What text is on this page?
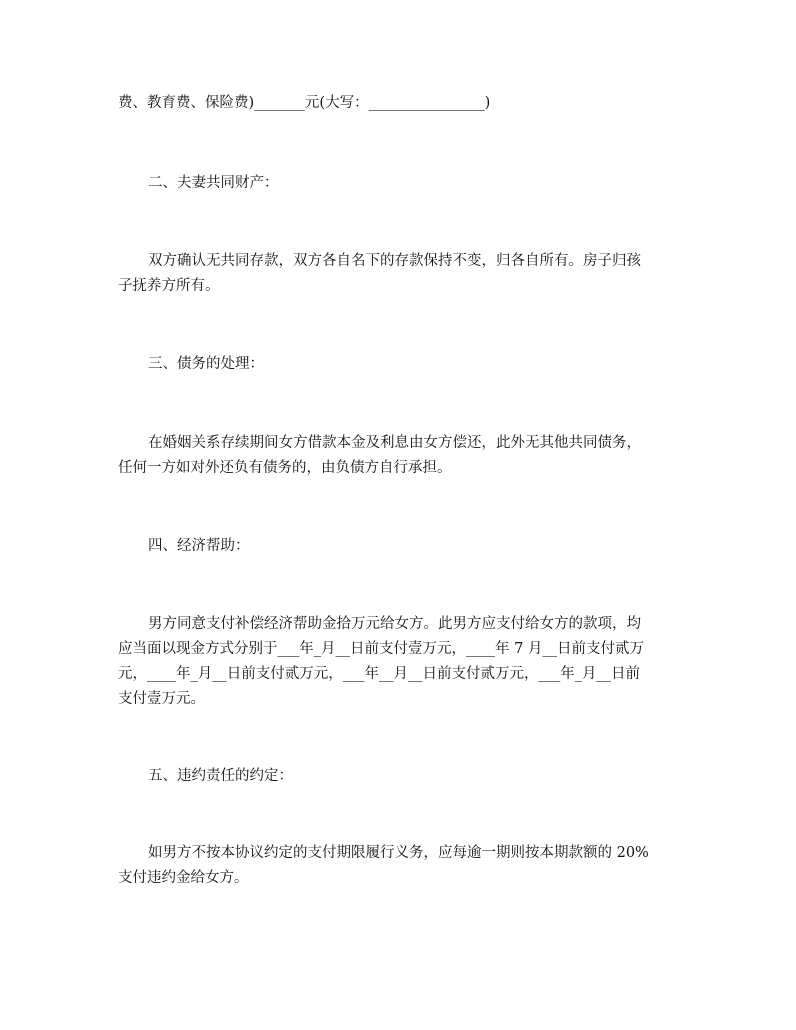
费、教育费、保险费)_______元(大写：________________)

二、夫妻共同财产：

双方确认无共同存款，双方各自名下的存款保持不变，归各自所有。房子归孩
子抚养方所有。

三、债务的处理：

在婚姻关系存续期间女方借款本金及利息由女方偿还，此外无其他共同债务，
任何一方如对外还负有债务的，由负债方自行承担。

四、经济帮助：

男方同意支付补偿经济帮助金拾万元给女方。此男方应支付给女方的款项，均
应当面以现金方式分别于___年_月__日前支付壹万元，____年 7 月__日前支付贰万
元，____年_月__日前支付贰万元，___年__月__日前支付贰万元，___年_月__日前
支付壹万元。

五、违约责任的约定：

如男方不按本协议约定的支付期限履行义务，应每逾一期则按本期款额的 20%
支付违约金给女方。
